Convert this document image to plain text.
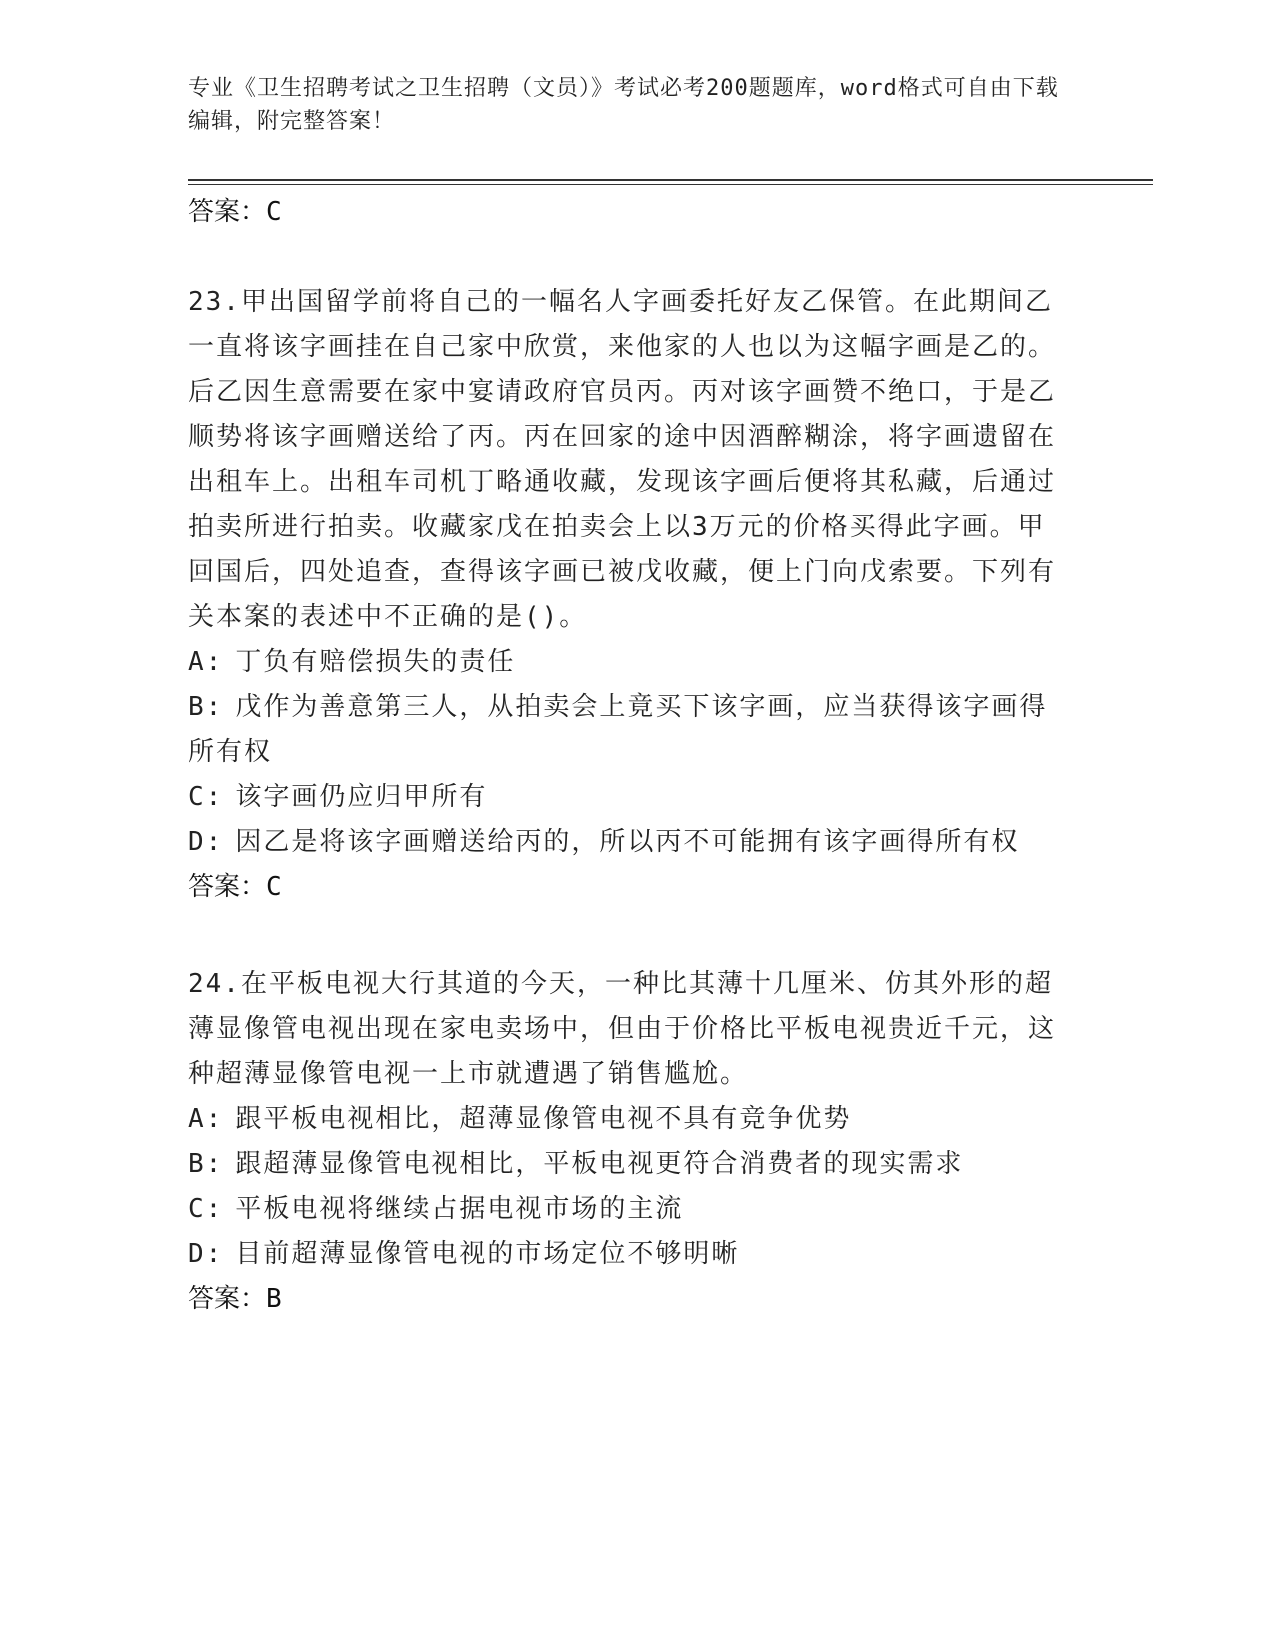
专业《卫生招聘考试之卫生招聘（文员）》考试必考200题题库，word格式可自由下载编辑，附完整答案！
答案：C
23.甲出国留学前将自己的一幅名人字画委托好友乙保管。在此期间乙一直将该字画挂在自己家中欣赏，来他家的人也以为这幅字画是乙的。后乙因生意需要在家中宴请政府官员丙。丙对该字画赞不绝口，于是乙顺势将该字画赠送给了丙。丙在回家的途中因酒醉糊涂，将字画遗留在出租车上。出租车司机丁略通收藏，发现该字画后便将其私藏，后通过拍卖所进行拍卖。收藏家戊在拍卖会上以3万元的价格买得此字画。甲回国后，四处追查，查得该字画已被戊收藏，便上门向戊索要。下列有关本案的表述中不正确的是()。
A: 丁负有赔偿损失的责任
B: 戊作为善意第三人，从拍卖会上竟买下该字画，应当获得该字画得所有权
C: 该字画仍应归甲所有
D: 因乙是将该字画赠送给丙的，所以丙不可能拥有该字画得所有权
答案：C
24.在平板电视大行其道的今天，一种比其薄十几厘米、仿其外形的超薄显像管电视出现在家电卖场中，但由于价格比平板电视贵近千元，这种超薄显像管电视一上市就遭遇了销售尴尬。
A: 跟平板电视相比，超薄显像管电视不具有竞争优势
B: 跟超薄显像管电视相比，平板电视更符合消费者的现实需求
C: 平板电视将继续占据电视市场的主流
D: 目前超薄显像管电视的市场定位不够明晰
答案：B
